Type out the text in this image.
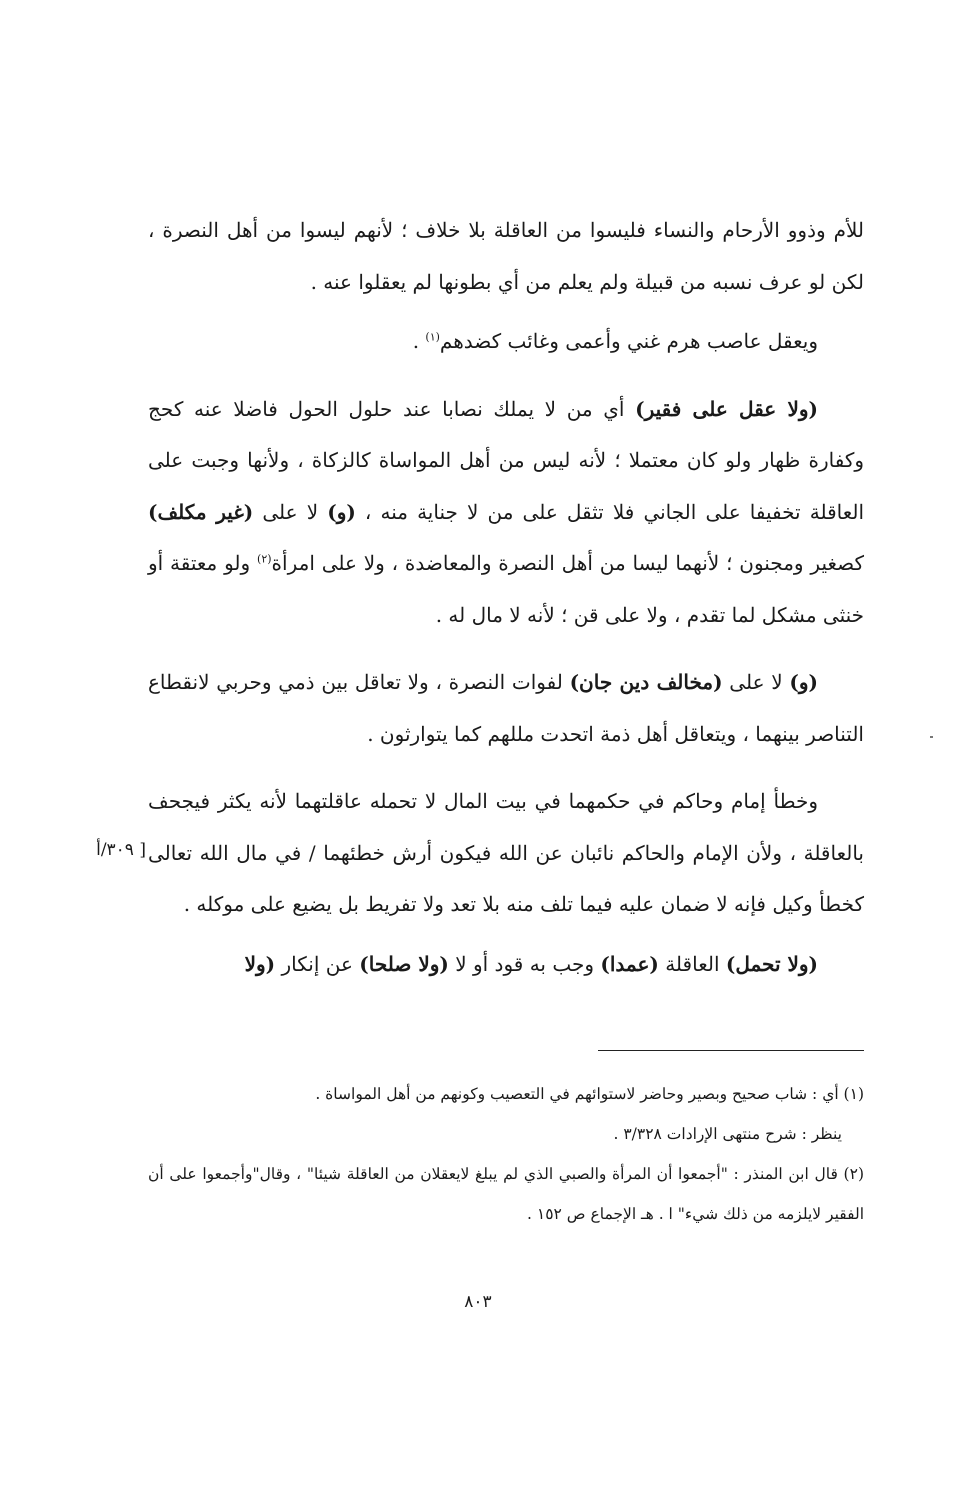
للأم وذوو الأرحام والنساء فليسوا من العاقلة بلا خلاف ؛ لأنهم ليسوا من أهل النصرة ، لكن لو عرف نسبه من قبيلة ولم يعلم من أي بطونها لم يعقلوا عنه .

ويعقل عاصب هرم غني وأعمى وغائب كضدهم$^{(١)}$ .

(ولا عقل على فقير) أي من لا يملك نصابا عند حلول الحول فاضلا عنه كحج وكفارة ظهار ولو كان معتملا ؛ لأنه ليس من أهل المواساة كالزكاة ، ولأنها وجبت على العاقلة تخفيفا على الجاني فلا تثقل على من لا جناية منه ، (و) لا على (غير مكلف) كصغير ومجنون ؛ لأنهما ليسا من أهل النصرة والمعاضدة ، ولا على امرأة$^{(٢)}$ ولو معتقة أو خنثى مشكل لما تقدم ، ولا على قن ؛ لأنه لا مال له .

(و) لا على (مخالف دين جان) لفوات النصرة ، ولا تعاقل بين ذمي وحربي لانقطاع التناصر بينهما ، ويتعاقل أهل ذمة اتحدت مللهم كما يتوارثون .

وخطأ إمام وحاكم في حكمهما في بيت المال لا تحمله عاقلتهما لأنه يكثر فيجحف بالعاقلة ، ولأن الإمام والحاكم نائبان عن الله فيكون أرش خطئهما / في مال الله تعالى كخطأ وكيل فإنه لا ضمان عليه فيما تلف منه بلا تعد ولا تفريط بل يضيع على موكله .

(ولا تحمل) العاقلة (عمدا) وجب به قود أو لا (ولا صلحا) عن إنكار (ولا

[ ٣٠٩/أ

(١) أي : شاب صحيح وبصير وحاضر لاستوائهم في التعصيب وكونهم من أهل المواساة .

ينظر : شرح منتهى الإرادات ٣/٣٢٨ .

(٢) قال ابن المنذر : "أجمعوا أن المرأة والصبي الذي لم يبلغ لايعقلان من العاقلة شيئا" ، وقال"وأجمعوا على أن الفقير لايلزمه من ذلك شيء" ا . هـ الإجماع ص ١٥٢ .

٨٠٣
